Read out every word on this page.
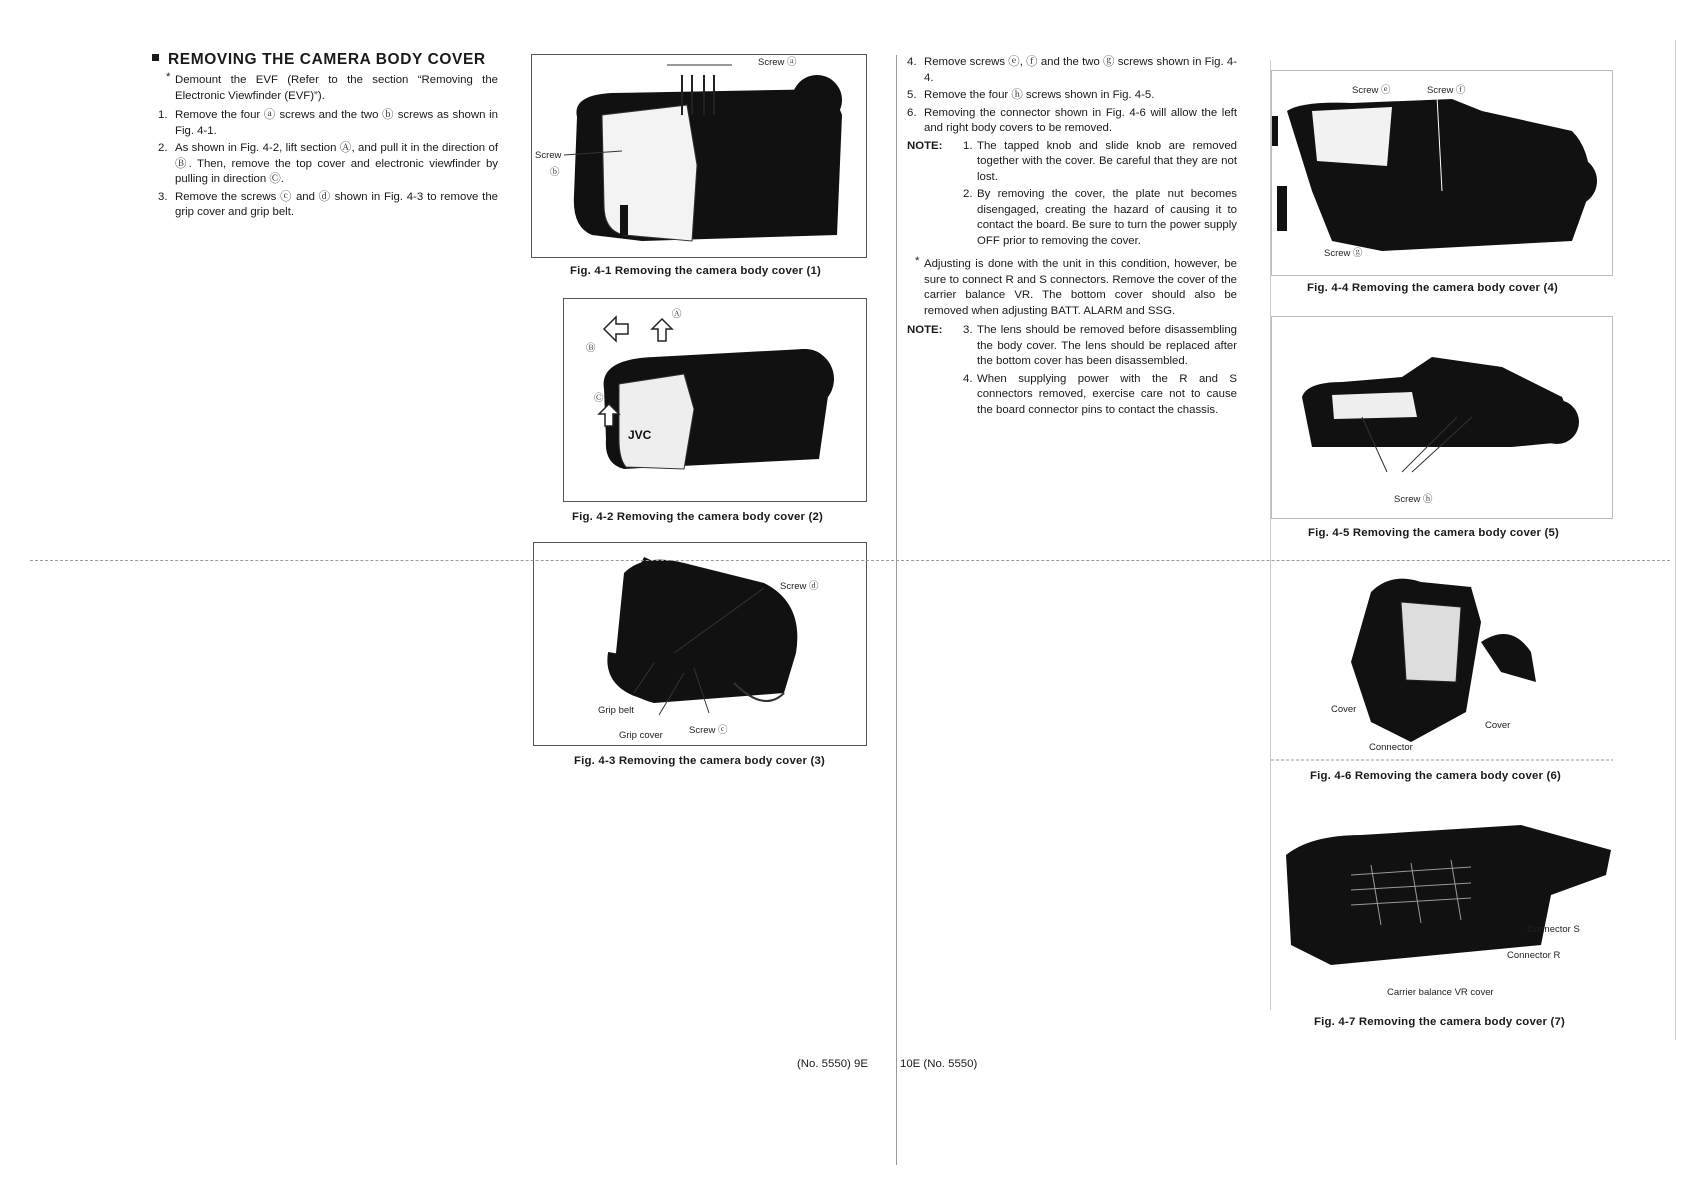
REMOVING THE CAMERA BODY COVER
* Demount the EVF (Refer to the section “Removing the Electronic Viewfinder (EVF)”).
1. Remove the four ⓐ screws and the two ⓑ screws as shown in Fig. 4-1.
2. As shown in Fig. 4-2, lift section Ⓐ, and pull it in the direction of Ⓑ. Then, remove the top cover and electronic viewfinder by pulling in direction Ⓒ.
3. Remove the screws ⓒ and ⓓ shown in Fig. 4-3 to remove the grip cover and grip belt.
4. Remove screws ⓔ, ⓕ and the two ⓖ screws shown in Fig. 4-4.
5. Remove the four ⓗ screws shown in Fig. 4-5.
6. Removing the connector shown in Fig. 4-6 will allow the left and right body covers to be removed.
NOTE: 1. The tapped knob and slide knob are removed together with the cover. Be careful that they are not lost.
2. By removing the cover, the plate nut becomes disengaged, creating the hazard of causing it to contact the board. Be sure to turn the power supply OFF prior to removing the cover.
* Adjusting is done with the unit in this condition, however, be sure to connect R and S connectors. Remove the cover of the carrier balance VR. The bottom cover should also be removed when adjusting BATT. ALARM and SSG.
NOTE: 3. The lens should be removed before disassembling the body cover. The lens should be replaced after the bottom cover has been disassembled.
4. When supplying power with the R and S connectors removed, exercise care not to cause the board connector pins to contact the chassis.
Screw ⓐ
Screw
ⓑ
Fig. 4-1 Removing the camera body cover (1)
Ⓑ
Ⓐ
Ⓒ
JVC
Fig. 4-2 Removing the camera body cover (2)
Screw ⓓ
Grip belt
Grip cover	Screw ⓒ
Fig. 4-3 Removing the camera body cover (3)
Screw ⓔ	Screw ⓕ
Screw ⓖ
Fig. 4-4 Removing the camera body cover (4)
Screw ⓗ
Fig. 4-5 Removing the camera body cover (5)
Cover
Cover
Connector
Fig. 4-6 Removing the camera body cover (6)
Connector S
Connector R
Carrier balance VR cover
Fig. 4-7 Removing the camera body cover (7)
(No. 5550) 9E	10E (No. 5550)
